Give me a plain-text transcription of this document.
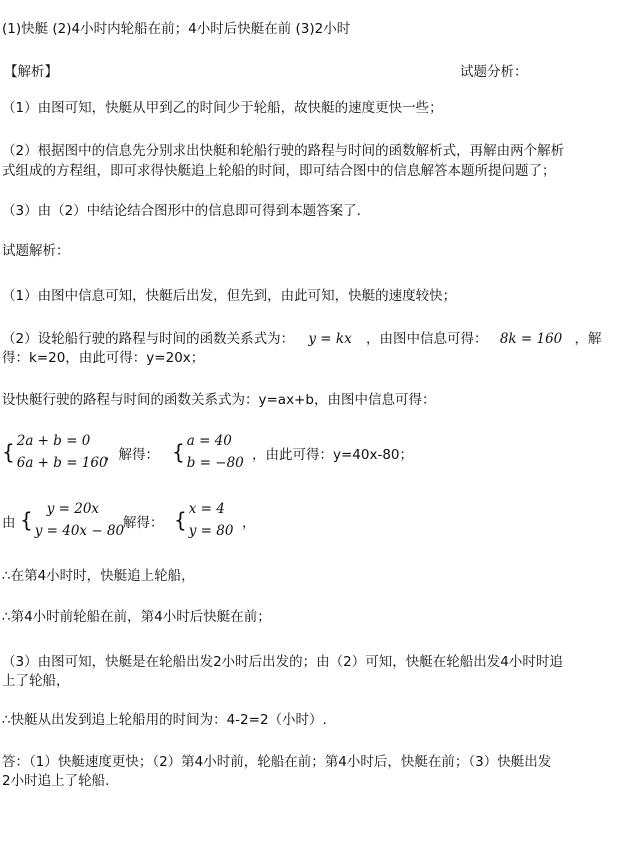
(1)快艇 (2)4小时内轮船在前；4小时后快艇在前 (3)2小时
【解析】	试题分析：
（1）由图可知，快艇从甲到乙的时间少于轮船，故快艇的速度更快一些；
（2）根据图中的信息先分别求出快艇和轮船行驶的路程与时间的函数解析式，再解由两个解析
式组成的方程组，即可求得快艇追上轮船的时间，即可结合图中的信息解答本题所提问题了；
（3）由（2）中结论结合图形中的信息即可得到本题答案了.
试题解析：
（1）由图中信息可知，快艇后出发，但先到，由此可知，快艇的速度较快；
（2）设轮船行驶的路程与时间的函数关系式为： y = kx ，由图中信息可得： 8k = 160 ，解
得：k=20，由此可得：y=20x；
设快艇行驶的路程与时间的函数关系式为：y=ax+b，由图中信息可得：
{ 2a + b = 0
6a + b = 160
，解得： { a = 40
b = −80 ，由此可得：y=40x-80；
由 {	y = 20x
y = 40x − 80
解得： { x = 4
y = 80 ，
∴在第4小时时，快艇追上轮船，
∴第4小时前轮船在前，第4小时后快艇在前；
（3）由图可知，快艇是在轮船出发2小时后出发的；由（2）可知，快艇在轮船出发4小时时追
上了轮船，
∴快艇从出发到追上轮船用的时间为：4-2=2（小时）.
答：（1）快艇速度更快；（2）第4小时前，轮船在前；第4小时后，快艇在前；（3）快艇出发
2小时追上了轮船.
